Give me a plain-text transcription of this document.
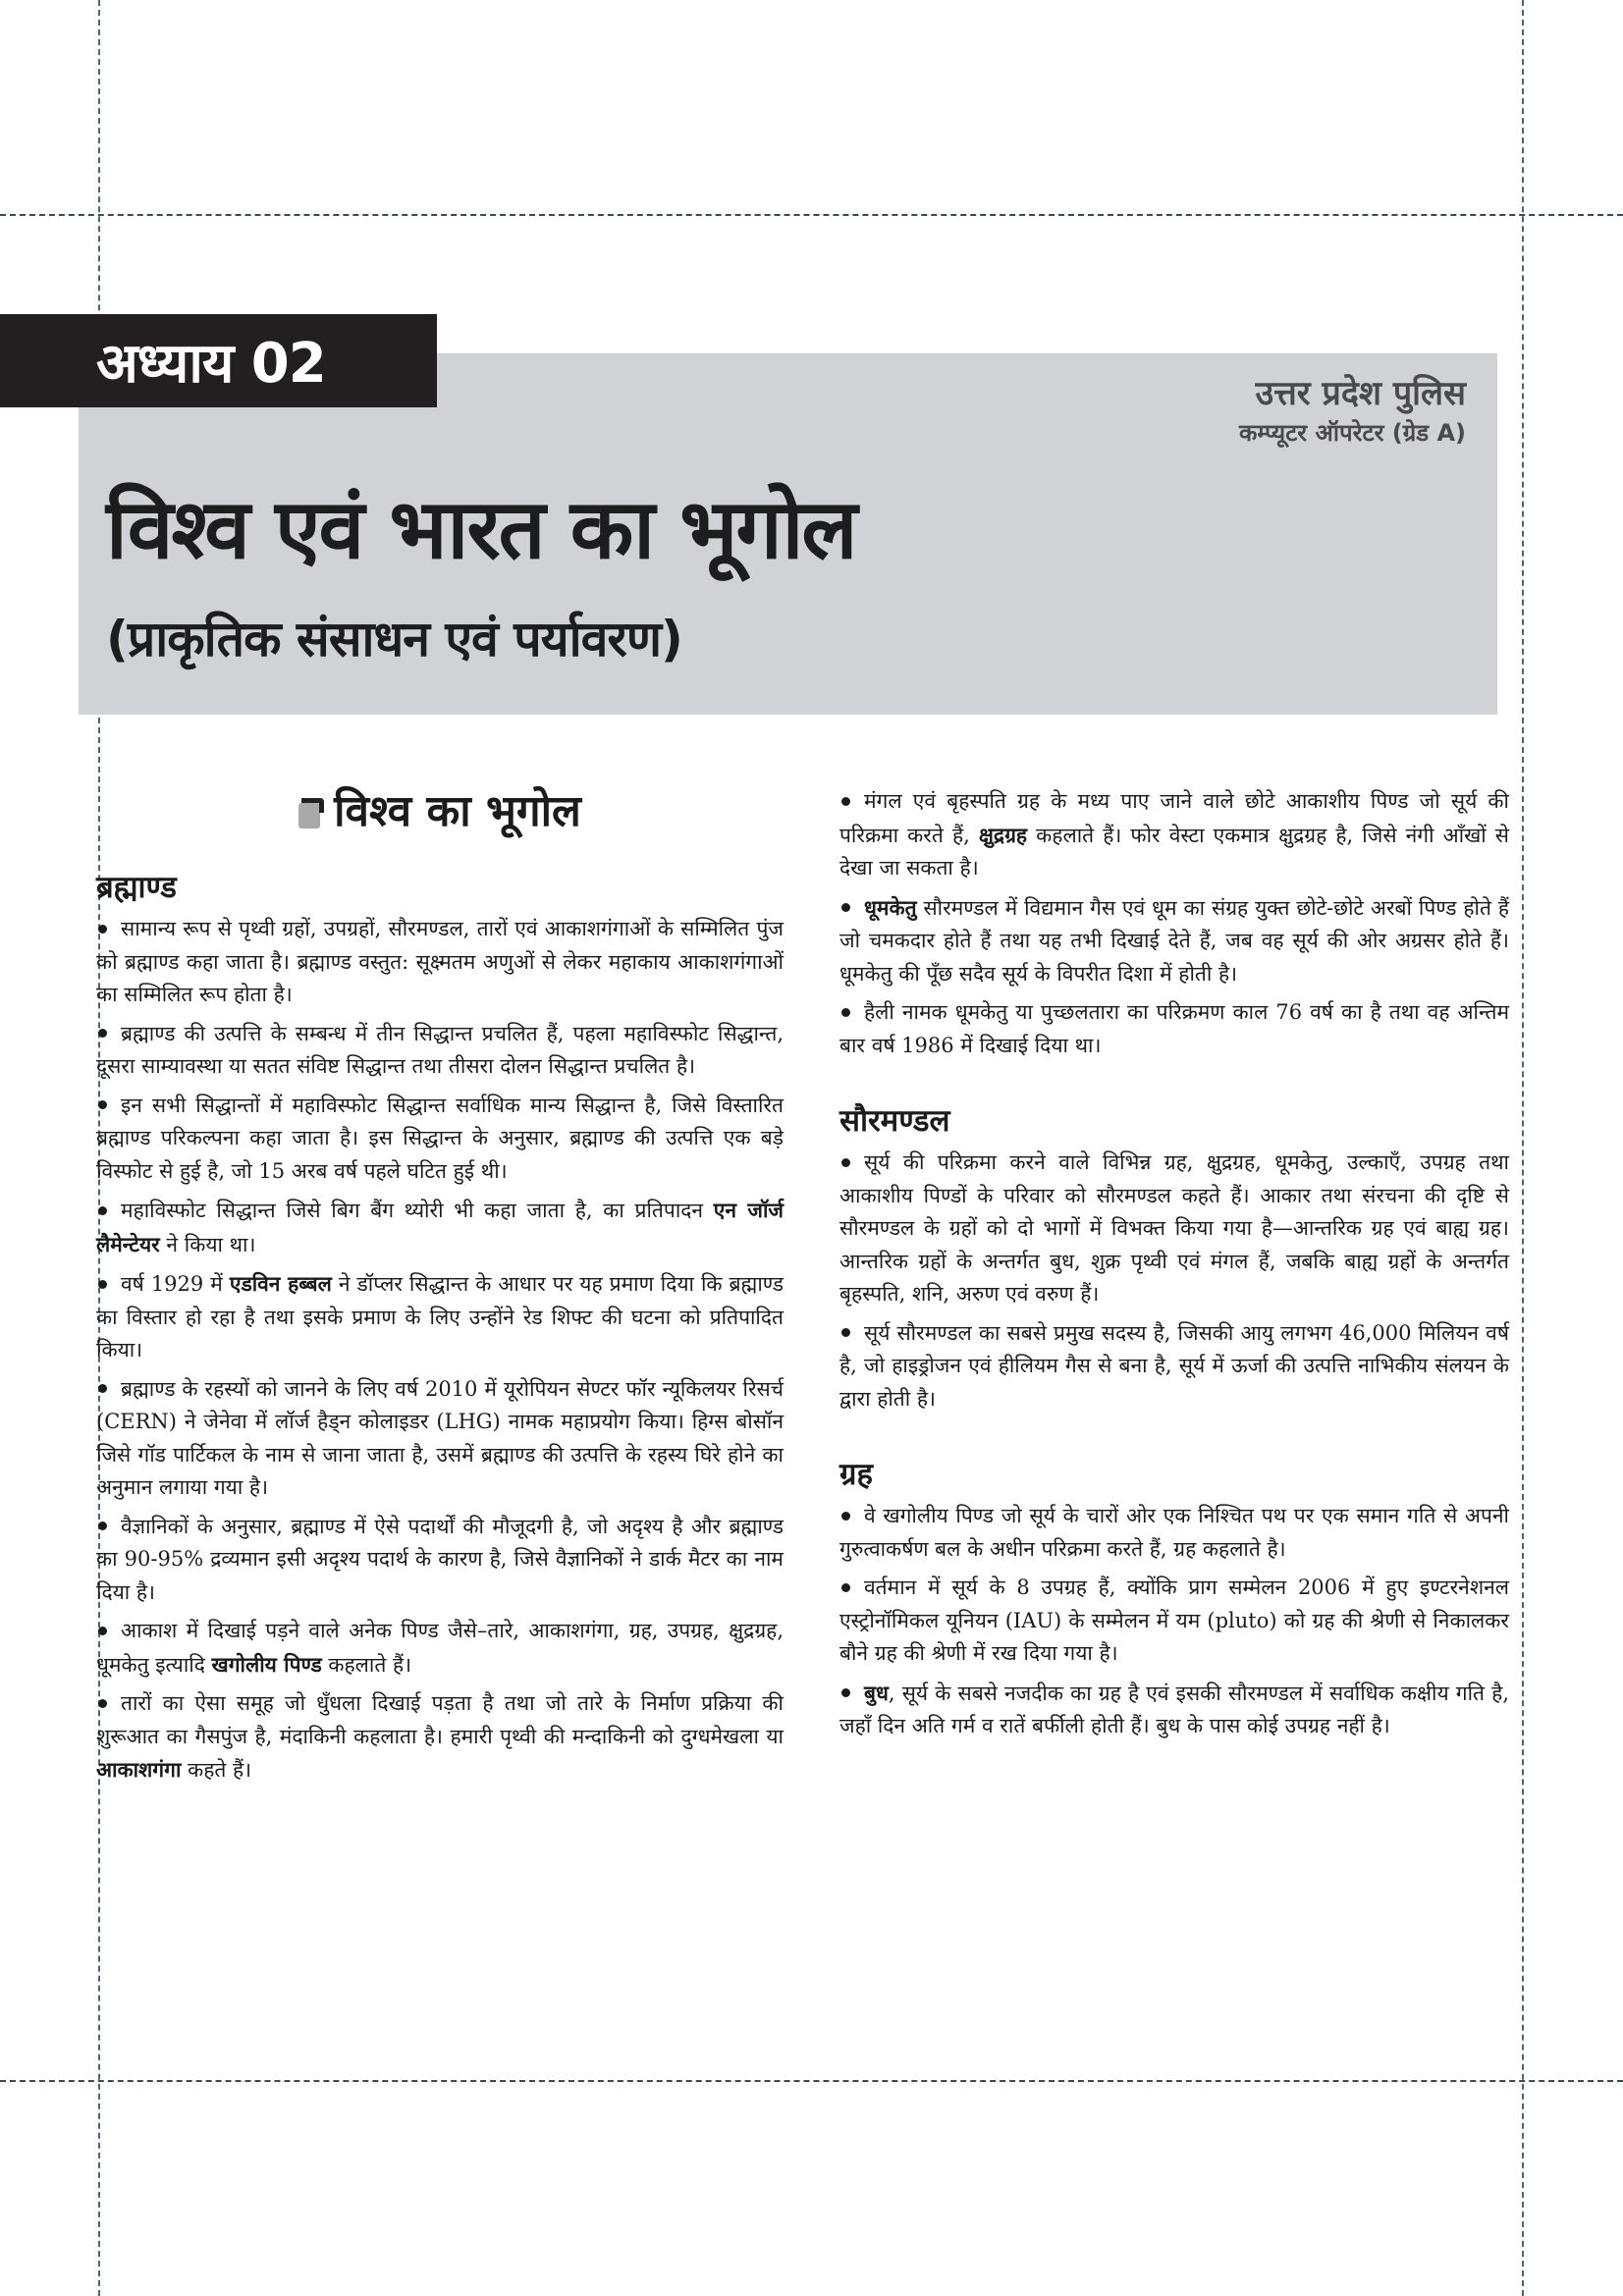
अध्याय 02	उत्तर प्रदेश पुलिस
कम्प्यूटर ऑपरेटर (ग्रेड A)
विश्व एवं भारत का भूगोल
(प्राकृतिक संसाधन एवं पर्यावरण)
विश्व का भूगोल
ब्रह्माण्ड

सामान्य रूप से पृथ्वी ग्रहों, उपग्रहों, सौरमण्डल, तारों एवं आकाशगंगाओं के सम्मिलित पुंज को ब्रह्माण्ड कहा जाता है। ब्रह्माण्ड वस्तुत: सूक्ष्मतम अणुओं से लेकर महाकाय आकाशगंगाओं का सम्मिलित रूप होता है।

ब्रह्माण्ड की उत्पत्ति के सम्बन्ध में तीन सिद्धान्त प्रचलित हैं, पहला महाविस्फोट सिद्धान्त, दूसरा साम्यावस्था या सतत संविष्ट सिद्धान्त तथा तीसरा दोलन सिद्धान्त प्रचलित है।

इन सभी सिद्धान्तों में महाविस्फोट सिद्धान्त सर्वाधिक मान्य सिद्धान्त है, जिसे विस्तारित ब्रह्माण्ड परिकल्पना कहा जाता है। इस सिद्धान्त के अनुसार, ब्रह्माण्ड की उत्पत्ति एक बड़े विस्फोट से हुई है, जो 15 अरब वर्ष पहले घटित हुई थी।

महाविस्फोट सिद्धान्त जिसे बिग बैंग थ्योरी भी कहा जाता है, का प्रतिपादन एन जॉर्ज लैमेन्टेयर ने किया था।

वर्ष 1929 में एडविन हब्बल ने डॉप्लर सिद्धान्त के आधार पर यह प्रमाण दिया कि ब्रह्माण्ड का विस्तार हो रहा है तथा इसके प्रमाण के लिए उन्होंने रेड शिफ्ट की घटना को प्रतिपादित किया।

ब्रह्माण्ड के रहस्यों को जानने के लिए वर्ष 2010 में यूरोपियन सेण्टर फॉर न्यूकिलयर रिसर्च (CERN) ने जेनेवा में लॉर्ज हैड्न कोलाइडर (LHG) नामक महाप्रयोग किया। हिग्स बोसॉन जिसे गॉड पार्टिकल के नाम से जाना जाता है, उसमें ब्रह्माण्ड की उत्पत्ति के रहस्य घिरे होने का अनुमान लगाया गया है।

वैज्ञानिकों के अनुसार, ब्रह्माण्ड में ऐसे पदार्थों की मौजूदगी है, जो अदृश्य है और ब्रह्माण्ड का 90-95% द्रव्यमान इसी अदृश्य पदार्थ के कारण है, जिसे वैज्ञानिकों ने डार्क मैटर का नाम दिया है।

आकाश में दिखाई पड़ने वाले अनेक पिण्ड जैसे–तारे, आकाशगंगा, ग्रह, उपग्रह, क्षुद्रग्रह, धूमकेतु इत्यादि खगोलीय पिण्ड कहलाते हैं।

तारों का ऐसा समूह जो धुँधला दिखाई पड़ता है तथा जो तारे के निर्माण प्रक्रिया की शुरूआत का गैसपुंज है, मंदाकिनी कहलाता है। हमारी पृथ्वी की मन्दाकिनी को दुग्धमेखला या आकाशगंगा कहते हैं।

मंगल एवं बृहस्पति ग्रह के मध्य पाए जाने वाले छोटे आकाशीय पिण्ड जो सूर्य की परिक्रमा करते हैं, क्षुद्रग्रह कहलाते हैं। फोर वेस्टा एकमात्र क्षुद्रग्रह है, जिसे नंगी आँखों से देखा जा सकता है।

धूमकेतु सौरमण्डल में विद्यमान गैस एवं धूम का संग्रह युक्त छोटे-छोटे अरबों पिण्ड होते हैं जो चमकदार होते हैं तथा यह तभी दिखाई देते हैं, जब वह सूर्य की ओर अग्रसर होते हैं। धूमकेतु की पूँछ सदैव सूर्य के विपरीत दिशा में होती है।

हैली नामक धूमकेतु या पुच्छलतारा का परिक्रमण काल 76 वर्ष का है तथा वह अन्तिम बार वर्ष 1986 में दिखाई दिया था।

सौरमण्डल

सूर्य की परिक्रमा करने वाले विभिन्न ग्रह, क्षुद्रग्रह, धूमकेतु, उल्काएँ, उपग्रह तथा आकाशीय पिण्डों के परिवार को सौरमण्डल कहते हैं। आकार तथा संरचना की दृष्टि से सौरमण्डल के ग्रहों को दो भागों में विभक्त किया गया है—आन्तरिक ग्रह एवं बाह्य ग्रह। आन्तरिक ग्रहों के अन्तर्गत बुध, शुक्र पृथ्वी एवं मंगल हैं, जबकि बाह्य ग्रहों के अन्तर्गत बृहस्पति, शनि, अरुण एवं वरुण हैं।

सूर्य सौरमण्डल का सबसे प्रमुख सदस्य है, जिसकी आयु लगभग 46,000 मिलियन वर्ष है, जो हाइड्रोजन एवं हीलियम गैस से बना है, सूर्य में ऊर्जा की उत्पत्ति नाभिकीय संलयन के द्वारा होती है।

ग्रह

वे खगोलीय पिण्ड जो सूर्य के चारों ओर एक निश्चित पथ पर एक समान गति से अपनी गुरुत्वाकर्षण बल के अधीन परिक्रमा करते हैं, ग्रह कहलाते है।

वर्तमान में सूर्य के 8 उपग्रह हैं, क्योंकि प्राग सम्मेलन 2006 में हुए इण्टरनेशनल एस्ट्रोनॉमिकल यूनियन (IAU) के सम्मेलन में यम (pluto) को ग्रह की श्रेणी से निकालकर बौने ग्रह की श्रेणी में रख दिया गया है।

बुध, सूर्य के सबसे नजदीक का ग्रह है एवं इसकी सौरमण्डल में सर्वाधिक कक्षीय गति है, जहाँ दिन अति गर्म व रातें बर्फीली होती हैं। बुध के पास कोई उपग्रह नहीं है।
